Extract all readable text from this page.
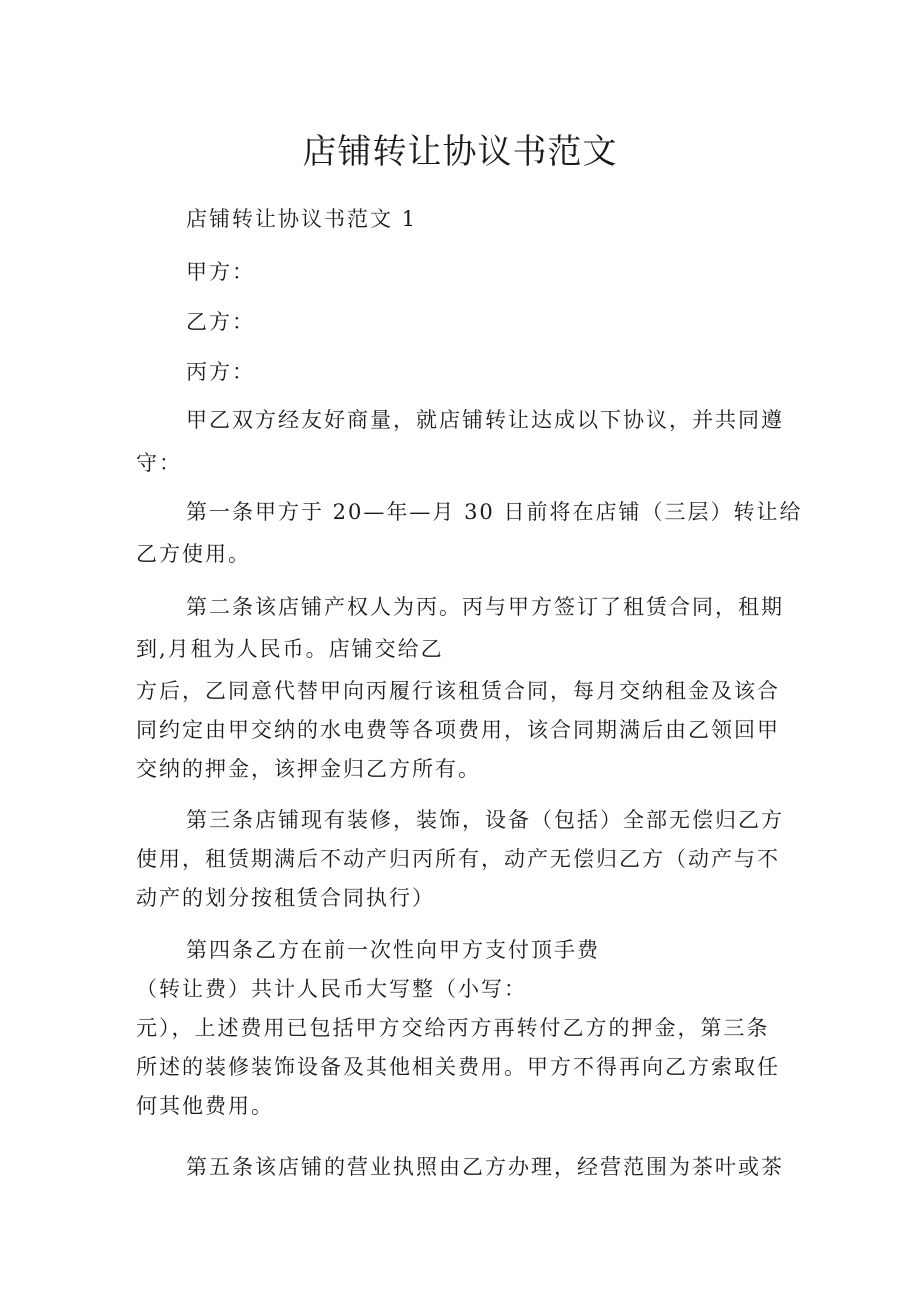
店铺转让协议书范文

店铺转让协议书范文 1

甲方：

乙方：

丙方：

甲乙双方经友好商量，就店铺转让达成以下协议，并共同遵

守：

第一条甲方于 20—年—月 30 日前将在店铺（三层）转让给

乙方使用。

第二条该店铺产权人为丙。丙与甲方签订了租赁合同，租期

到,月租为人民币。店铺交给乙

方后，乙同意代替甲向丙履行该租赁合同，每月交纳租金及该合

同约定由甲交纳的水电费等各项费用，该合同期满后由乙领回甲

交纳的押金，该押金归乙方所有。

第三条店铺现有装修，装饰，设备（包括）全部无偿归乙方

使用，租赁期满后不动产归丙所有，动产无偿归乙方（动产与不

动产的划分按租赁合同执行）

第四条乙方在前一次性向甲方支付顶手费

（转让费）共计人民币大写整（小写：

元），上述费用已包括甲方交给丙方再转付乙方的押金，第三条

所述的装修装饰设备及其他相关费用。甲方不得再向乙方索取任

何其他费用。

第五条该店铺的营业执照由乙方办理，经营范围为茶叶或茶
